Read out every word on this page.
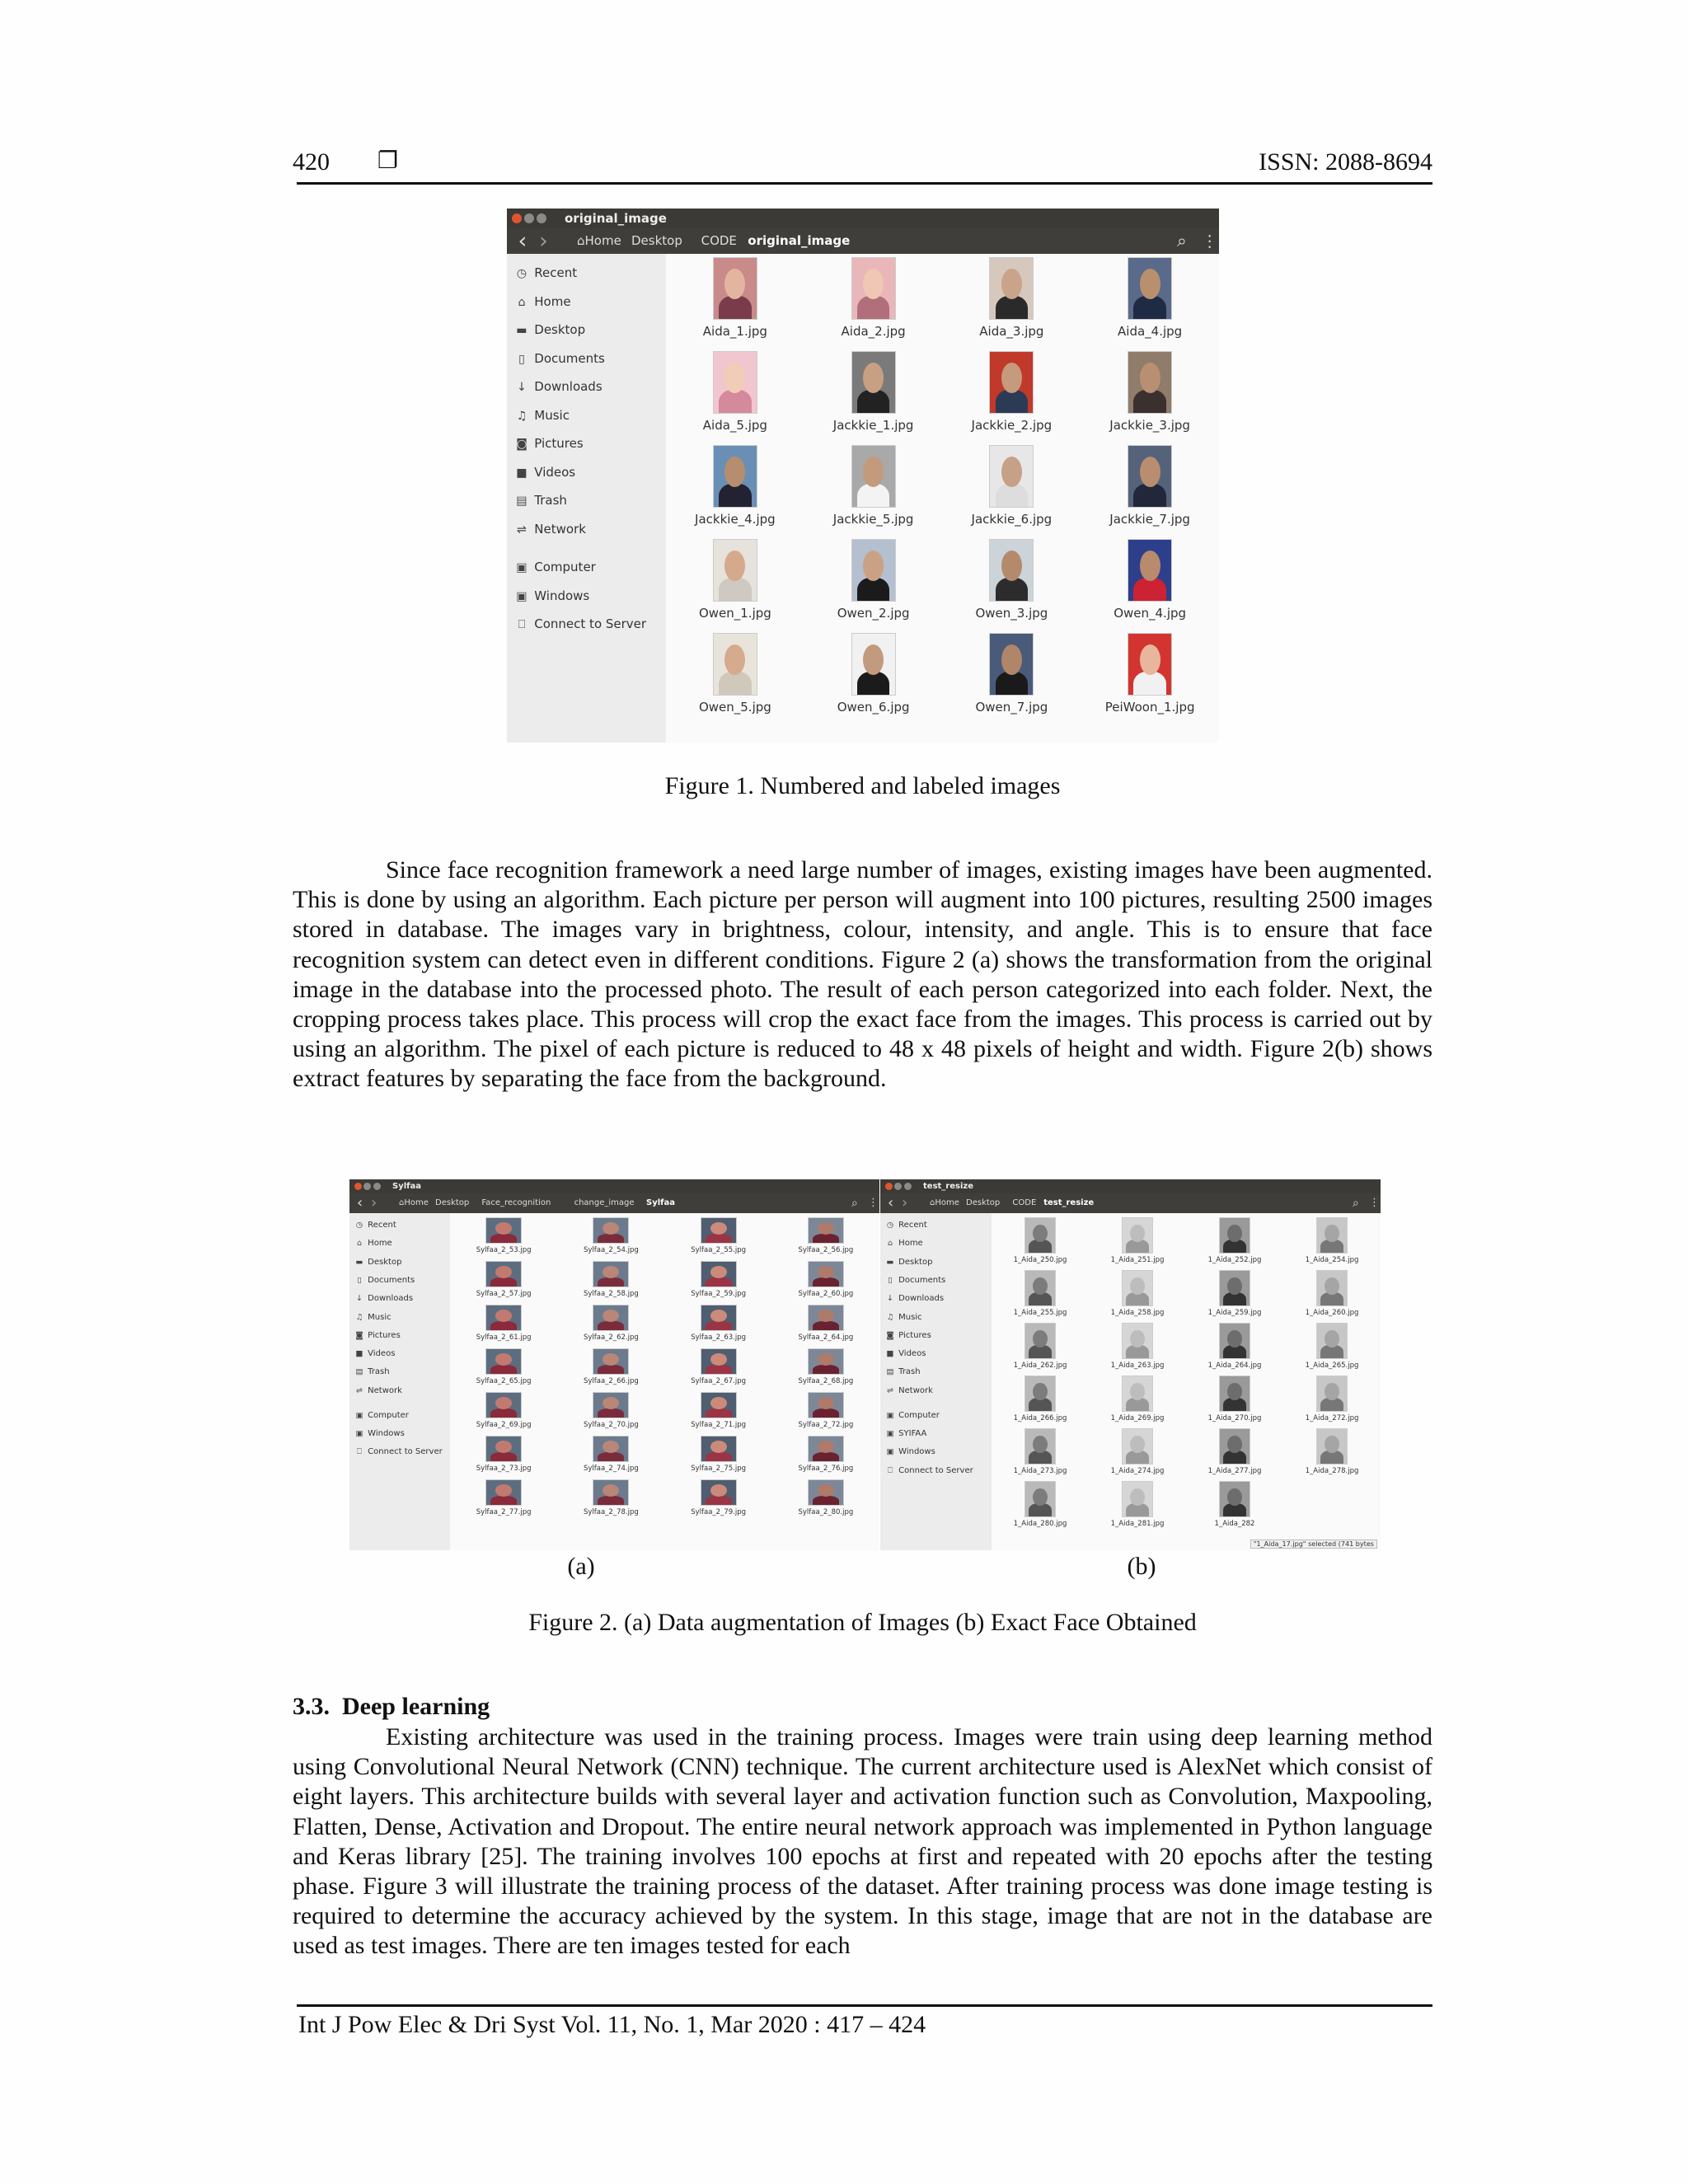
420 ❐	ISSN: 2088-8694
original_image
‹ › ⌂Home Desktop CODE original_image	⌕ ⋮
◷ Recent
⌂ Home
▬ Desktop
▯ Documents
↓ Downloads
♫ Music
◙ Pictures
■ Videos
▤ Trash
⇌ Network
▣ Computer
▣ Windows
⎕ Connect to Server
Aida_1.jpg	Aida_2.jpg	Aida_3.jpg	Aida_4.jpg
Aida_5.jpg	Jackkie_1.jpg	Jackkie_2.jpg	Jackkie_3.jpg
Jackkie_4.jpg	Jackkie_5.jpg	Jackkie_6.jpg	Jackkie_7.jpg
Owen_1.jpg	Owen_2.jpg	Owen_3.jpg	Owen_4.jpg
Owen_5.jpg	Owen_6.jpg	Owen_7.jpg	PeiWoon_1.jpg
Figure 1. Numbered and labeled images
Since face recognition framework a need large number of images, existing images have been augmented. This is done by using an algorithm. Each picture per person will augment into 100 pictures, resulting 2500 images stored in database. The images vary in brightness, colour, intensity, and angle. This is to ensure that face recognition system can detect even in different conditions. Figure 2 (a) shows the transformation from the original image in the database into the processed photo. The result of each person categorized into each folder. Next, the cropping process takes place. This process will crop the exact face from the images. This process is carried out by using an algorithm. The pixel of each picture is reduced to 48 x 48 pixels of height and width. Figure 2(b) shows extract features by separating the face from the background.
Sylfaa
‹ ›	⌂Home Desktop Face_recognition	change_image Sylfaa	⌕ ⋮
◷ Recent
⌂ Home
▬ Desktop
▯ Documents
↓ Downloads
♫ Music
◙ Pictures
■ Videos
▤ Trash
⇌ Network
▣ Computer
▣ Windows
⎕ Connect to Server
Sylfaa_2_53.jpg	Sylfaa_2_54.jpg	Sylfaa_2_55.jpg	Sylfaa_2_56.jpg
Sylfaa_2_57.jpg	Sylfaa_2_58.jpg	Sylfaa_2_59.jpg	Sylfaa_2_60.jpg
Sylfaa_2_61.jpg	Sylfaa_2_62.jpg	Sylfaa_2_63.jpg	Sylfaa_2_64.jpg
Sylfaa_2_65.jpg	Sylfaa_2_66.jpg	Sylfaa_2_67.jpg	Sylfaa_2_68.jpg
Sylfaa_2_69.jpg	Sylfaa_2_70.jpg	Sylfaa_2_71.jpg	Sylfaa_2_72.jpg
Sylfaa_2_73.jpg	Sylfaa_2_74.jpg	Sylfaa_2_75.jpg	Sylfaa_2_76.jpg
Sylfaa_2_77.jpg	Sylfaa_2_78.jpg	Sylfaa_2_79.jpg	Sylfaa_2_80.jpg
test_resize
‹ ›	⌂Home Desktop CODE test_resize	⌕ ⋮
◷ Recent
⌂ Home
▬ Desktop
▯ Documents
↓ Downloads
♫ Music
◙ Pictures
■ Videos
▤ Trash
⇌ Network
▣ Computer
▣ SYIFAA
▣ Windows
⎕ Connect to Server
1_Aida_250.jpg	1_Aida_251.jpg	1_Aida_252.jpg	1_Aida_254.jpg
1_Aida_255.jpg	1_Aida_258.jpg	1_Aida_259.jpg	1_Aida_260.jpg
1_Aida_262.jpg	1_Aida_263.jpg	1_Aida_264.jpg	1_Aida_265.jpg
1_Aida_266.jpg	1_Aida_269.jpg	1_Aida_270.jpg	1_Aida_272.jpg
1_Aida_273.jpg	1_Aida_274.jpg	1_Aida_277.jpg	1_Aida_278.jpg
1_Aida_280.jpg	1_Aida_281.jpg	1_Aida_282
"1_Aida_17.jpg" selected (741 bytes
(a)	(b)
Figure 2. (a) Data augmentation of Images (b) Exact Face Obtained
3.3. Deep learning
Existing architecture was used in the training process. Images were train using deep learning method using Convolutional Neural Network (CNN) technique. The current architecture used is AlexNet which consist of eight layers. This architecture builds with several layer and activation function such as Convolution, Maxpooling, Flatten, Dense, Activation and Dropout. The entire neural network approach was implemented in Python language and Keras library [25]. The training involves 100 epochs at first and repeated with 20 epochs after the testing phase. Figure 3 will illustrate the training process of the dataset. After training process was done image testing is required to determine the accuracy achieved by the system. In this stage, image that are not in the database are used as test images. There are ten images tested for each
Int J Pow Elec & Dri Syst Vol. 11, No. 1, Mar 2020 : 417 – 424
